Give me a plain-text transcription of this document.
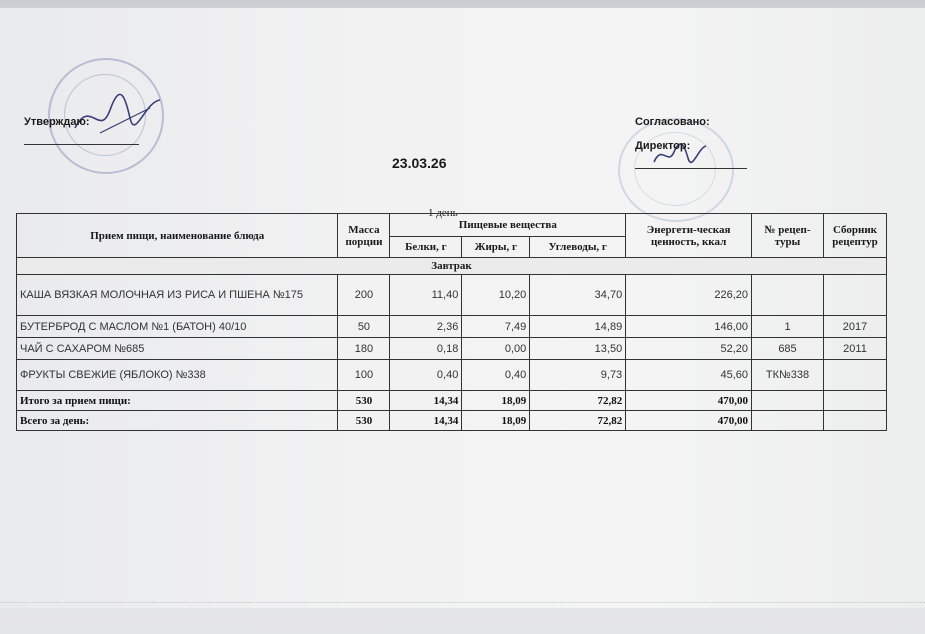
Утверждаю:	Согласовано:
Директор:
23.03.26
1 день
Прием пищи, наименование блюда	Масса порции	Пищевые вещества			Энергети-ческая ценность, ккал	№ рецеп-туры	Сборник рецептур
		Белки, г	Жиры, г	Углеводы, г			
Завтрак							
КАША ВЯЗКАЯ МОЛОЧНАЯ ИЗ РИСА И ПШЕНА №175	200	11,40	10,20	34,70	226,20		
БУТЕРБРОД С МАСЛОМ №1 (БАТОН) 40/10	50	2,36	7,49	14,89	146,00	1	2017
ЧАЙ С САХАРОМ №685	180	0,18	0,00	13,50	52,20	685	2011
ФРУКТЫ СВЕЖИЕ (ЯБЛОКО) №338	100	0,40	0,40	9,73	45,60	ТК№338	
Итого за прием пищи:	530	14,34	18,09	72,82	470,00		
Всего за день:	530	14,34	18,09	72,82	470,00		
